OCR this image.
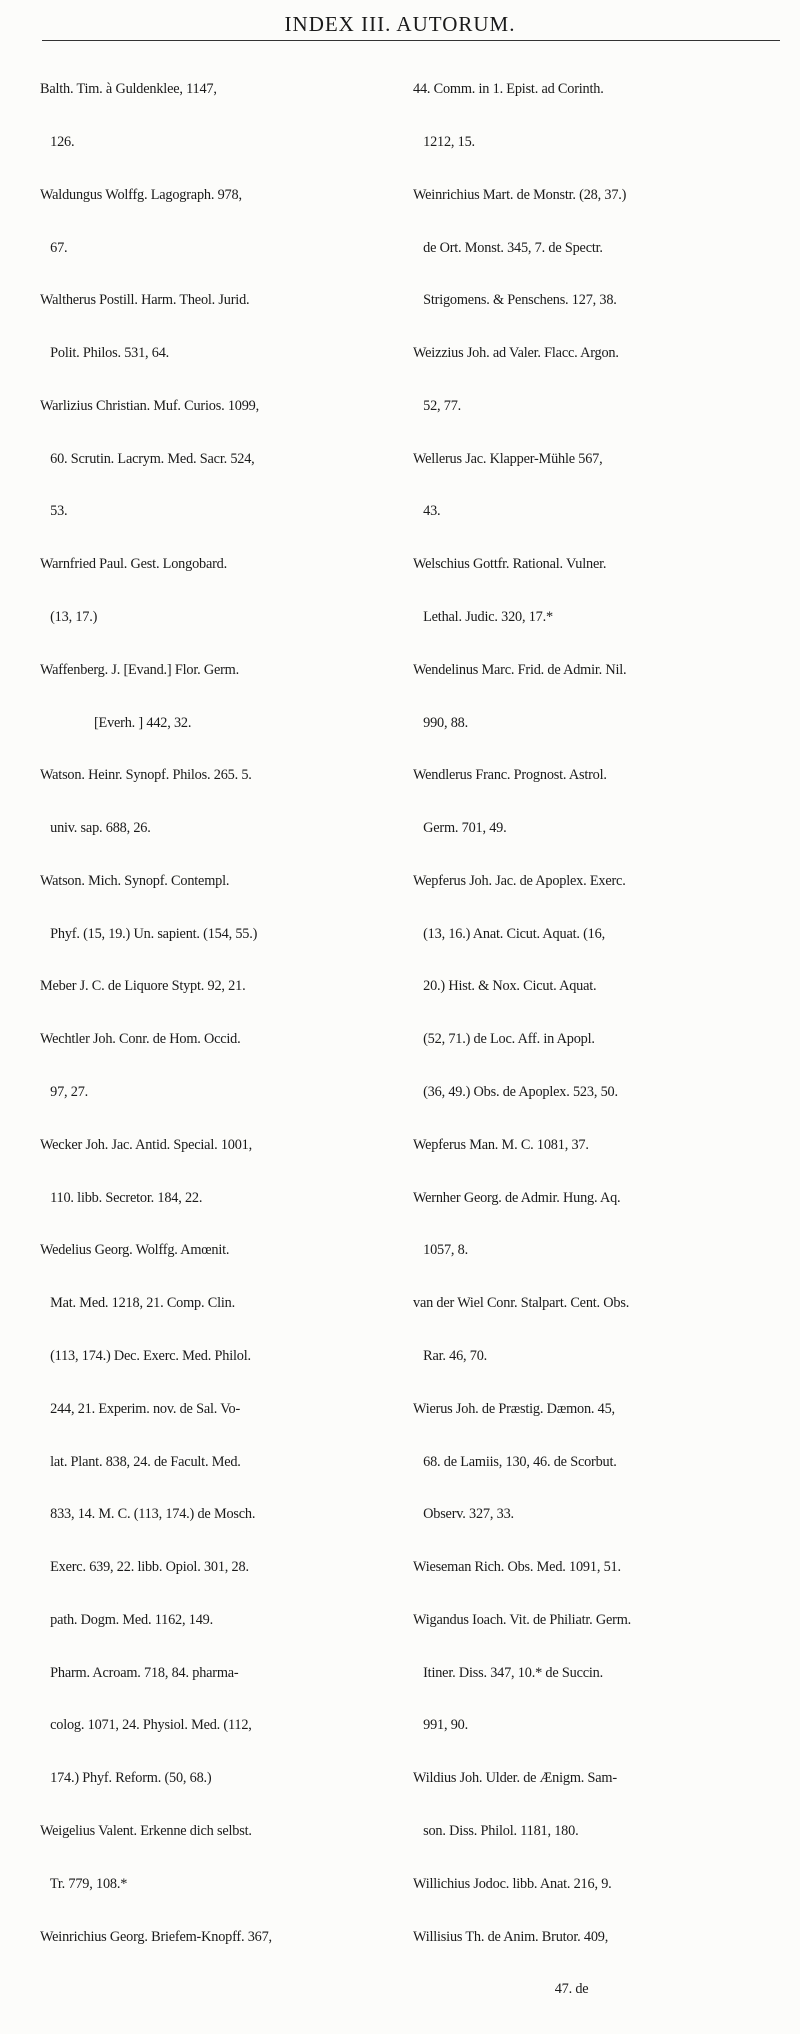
INDEX III. AUTORUM.

Balth. Tim. à Guldenklee, 1147,

126.

Waldungus Wolffg. Lagograph. 978,

67.

Waltherus Postill. Harm. Theol. Jurid.

Polit. Philos. 531, 64.

Warlizius Christian. Muf. Curios. 1099,

60. Scrutin. Lacrym. Med. Sacr. 524,

53.

Warnfried Paul. Gest. Longobard.

(13, 17.)

Waffenberg. J. [Evand.] Flor. Germ.

[Everh. ] 442, 32.

Watson. Heinr. Synopf. Philos. 265. 5.

univ. sap. 688, 26.

Watson. Mich. Synopf. Contempl.

Phyf. (15, 19.) Un. sapient. (154, 55.)

Meber J. C. de Liquore Stypt. 92, 21.

Wechtler Joh. Conr. de Hom. Occid.

97, 27.

Wecker Joh. Jac. Antid. Special. 1001,

110. libb. Secretor. 184, 22.

Wedelius Georg. Wolffg. Amœnit.

Mat. Med. 1218, 21. Comp. Clin.

(113, 174.) Dec. Exerc. Med. Philol.

244, 21. Experim. nov. de Sal. Vo-

lat. Plant. 838, 24. de Facult. Med.

833, 14. M. C. (113, 174.) de Mosch.

Exerc. 639, 22. libb. Opiol. 301, 28.

path. Dogm. Med. 1162, 149.

Pharm. Acroam. 718, 84. pharma-

colog. 1071, 24. Physiol. Med. (112,

174.) Phyf. Reform. (50, 68.)

Weigelius Valent. Erkenne dich selbst.

Tr. 779, 108.*

Weinrichius Georg. Briefem-Knopff. 367,

44. Comm. in 1. Epist. ad Corinth.

1212, 15.

Weinrichius Mart. de Monstr. (28, 37.)

de Ort. Monst. 345, 7. de Spectr.

Strigomens. & Penschens. 127, 38.

Weizzius Joh. ad Valer. Flacc. Argon.

52, 77.

Wellerus Jac. Klapper-Mühle 567,

43.

Welschius Gottfr. Rational. Vulner.

Lethal. Judic. 320, 17.*

Wendelinus Marc. Frid. de Admir. Nil.

990, 88.

Wendlerus Franc. Prognost. Astrol.

Germ. 701, 49.

Wepferus Joh. Jac. de Apoplex. Exerc.

(13, 16.) Anat. Cicut. Aquat. (16,

20.) Hist. & Nox. Cicut. Aquat.

(52, 71.) de Loc. Aff. in Apopl.

(36, 49.) Obs. de Apoplex. 523, 50.

Wepferus Man. M. C. 1081, 37.

Wernher Georg. de Admir. Hung. Aq.

1057, 8.

van der Wiel Conr. Stalpart. Cent. Obs.

Rar. 46, 70.

Wierus Joh. de Præstig. Dæmon. 45,

68. de Lamiis, 130, 46. de Scorbut.

Observ. 327, 33.

Wieseman Rich. Obs. Med. 1091, 51.

Wigandus Ioach. Vit. de Philiatr. Germ.

Itiner. Diss. 347, 10.* de Succin.

991, 90.

Wildius Joh. Ulder. de Ænigm. Sam-

son. Diss. Philol. 1181, 180.

Willichius Jodoc. libb. Anat. 216, 9.

Willisius Th. de Anim. Brutor. 409,

47. de
